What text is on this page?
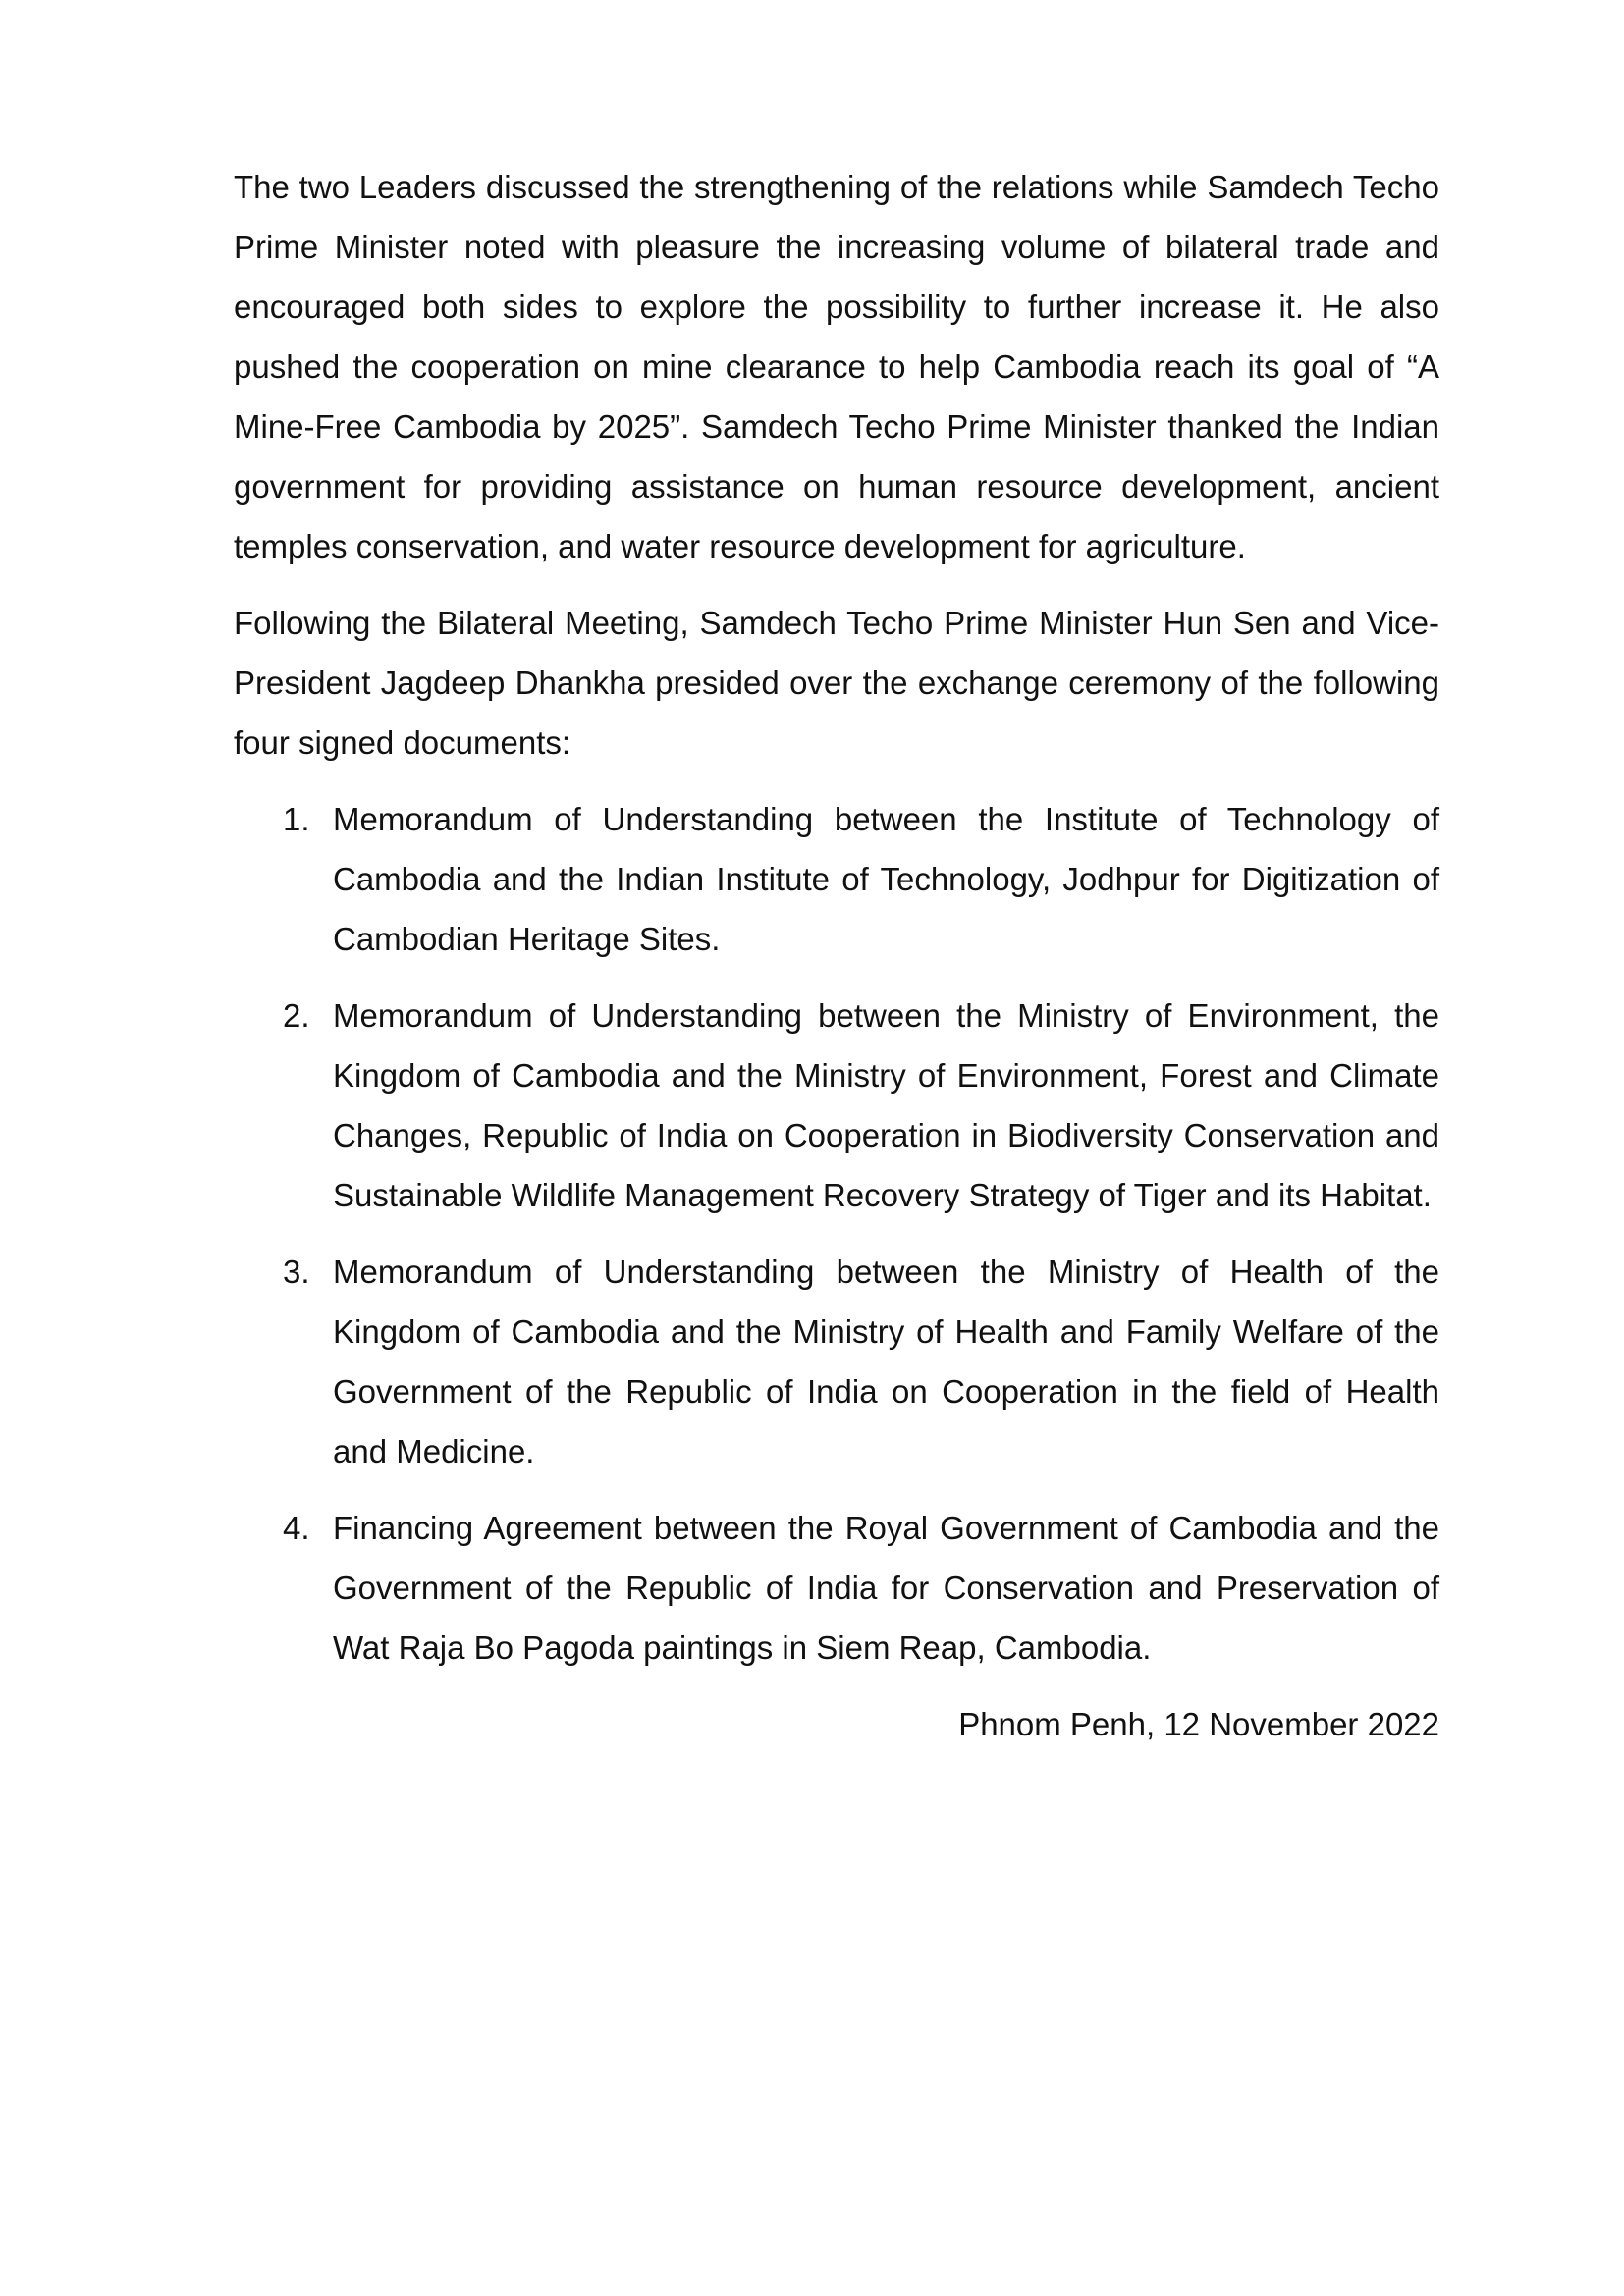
The two Leaders discussed the strengthening of the relations while Samdech Techo Prime Minister noted with pleasure the increasing volume of bilateral trade and encouraged both sides to explore the possibility to further increase it. He also pushed the cooperation on mine clearance to help Cambodia reach its goal of “A Mine-Free Cambodia by 2025”. Samdech Techo Prime Minister thanked the Indian government for providing assistance on human resource development, ancient temples conservation, and water resource development for agriculture.

Following the Bilateral Meeting, Samdech Techo Prime Minister Hun Sen and Vice-President Jagdeep Dhankha presided over the exchange ceremony of the following four signed documents:

1. Memorandum of Understanding between the Institute of Technology of Cambodia and the Indian Institute of Technology, Jodhpur for Digitization of Cambodian Heritage Sites.
2. Memorandum of Understanding between the Ministry of Environment, the Kingdom of Cambodia and the Ministry of Environment, Forest and Climate Changes, Republic of India on Cooperation in Biodiversity Conservation and Sustainable Wildlife Management Recovery Strategy of Tiger and its Habitat.
3. Memorandum of Understanding between the Ministry of Health of the Kingdom of Cambodia and the Ministry of Health and Family Welfare of the Government of the Republic of India on Cooperation in the field of Health and Medicine.
4. Financing Agreement between the Royal Government of Cambodia and the Government of the Republic of India for Conservation and Preservation of Wat Raja Bo Pagoda paintings in Siem Reap, Cambodia.
Phnom Penh, 12 November 2022
